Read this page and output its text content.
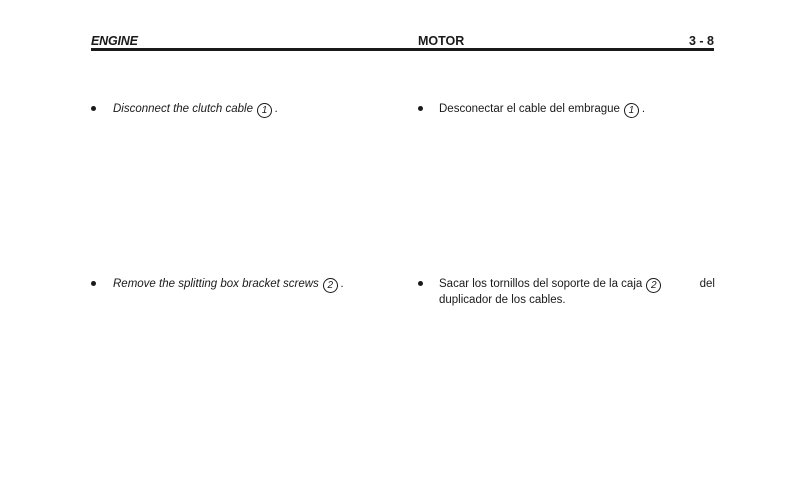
ENGINE	MOTOR	3 - 8
Disconnect the clutch cable 1 .	Desconectar el cable del embrague 1 .
Remove the splitting box bracket screws 2 .	Sacar los tornillos del soporte de la caja 2	del
duplicador de los cables.
